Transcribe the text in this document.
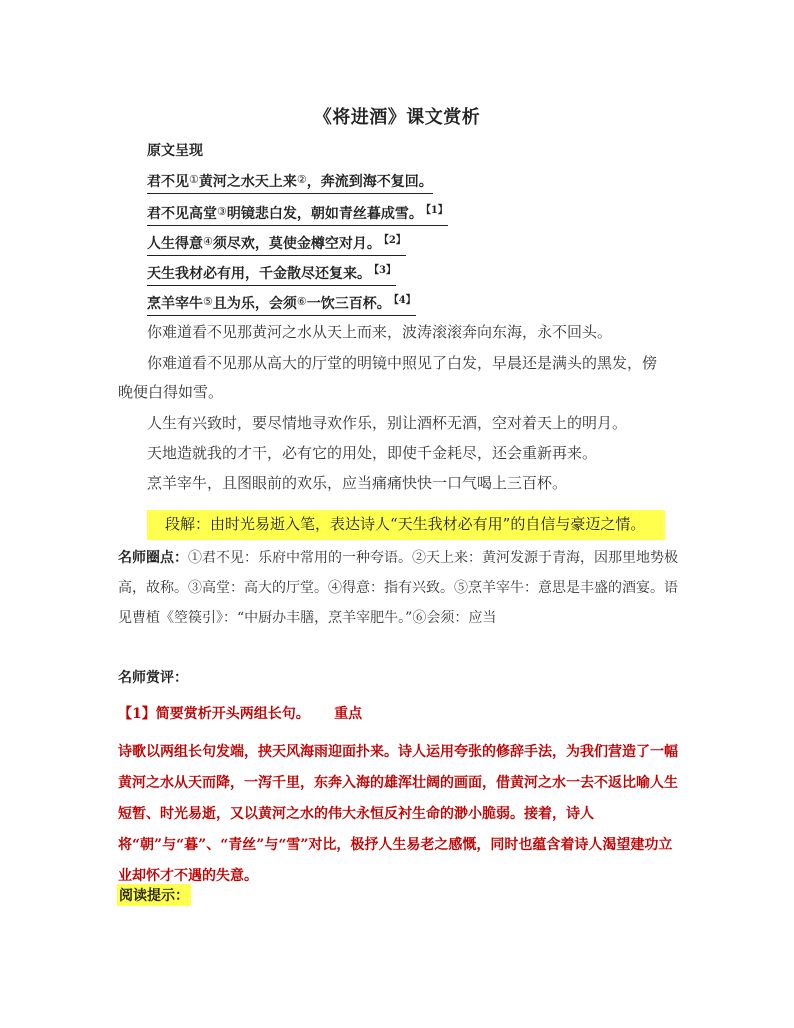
《将进酒》课文赏析
原文呈现
君不见①黄河之水天上来②，奔流到海不复回。
君不见高堂③明镜悲白发，朝如青丝暮成雪。 $^{【1】}$
人生得意④须尽欢，莫使金樽空对月。 $^{【2】}$
天生我材必有用，千金散尽还复来。 $^{【3】}$
烹羊宰牛⑤且为乐，会须⑥一饮三百杯。 $^{【4】}$
你难道看不见那黄河之水从天上而来，波涛滚滚奔向东海，永不回头。
你难道看不见那从高大的厅堂的明镜中照见了白发，早晨还是满头的黑发，傍
晚便白得如雪。
人生有兴致时，要尽情地寻欢作乐，别让酒杯无酒，空对着天上的明月。
天地造就我的才干，必有它的用处，即使千金耗尽，还会重新再来。
烹羊宰牛，且图眼前的欢乐，应当痛痛快快一口气喝上三百杯。
段解：由时光易逝入笔，表达诗人“天生我材必有用”的自信与豪迈之情。
名师圈点：①君不见：乐府中常用的一种夸语。②天上来：黄河发源于青海，因那里地势极高，故称。③高堂：高大的厅堂。④得意：指有兴致。⑤烹羊宰牛：意思是丰盛的酒宴。语见曹植《箜篌引》：“中厨办丰膳，烹羊宰肥牛。”⑥会须：应当
名师赏评：
【1】简要赏析开头两组长句。     重点
诗歌以两组长句发端，挟天风海雨迎面扑来。诗人运用夸张的修辞手法，为我们营造了一幅黄河之水从天而降，一泻千里，东奔入海的雄浑壮阔的画面，借黄河之水一去不返比喻人生短暂、时光易逝，又以黄河之水的伟大永恒反衬生命的渺小脆弱。接着，诗人将“朝”与“暮”、“青丝”与“雪”对比，极抒人生易老之感慨，同时也蕴含着诗人渴望建功立业却怀才不遇的失意。
阅读提示：
